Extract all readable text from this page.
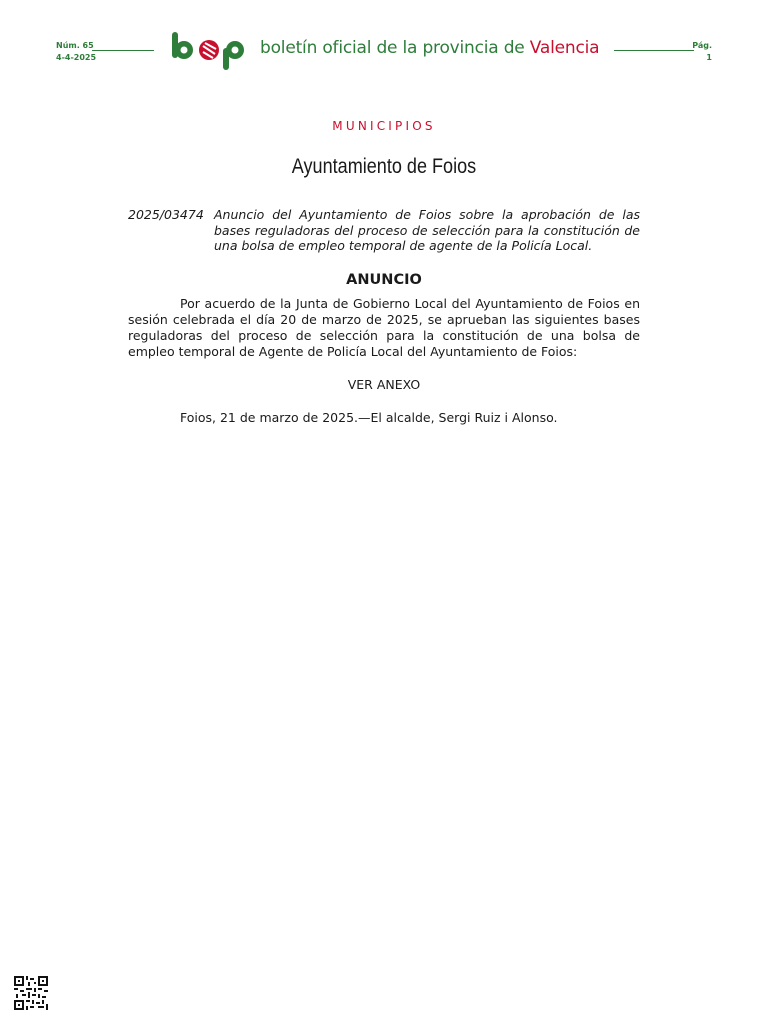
Núm. 65
4-4-2025	boletín oficial de la provincia de Valencia	Pág.
1
MUNICIPIOS
Ayuntamiento de Foios
2025/03474 Anuncio del Ayuntamiento de Foios sobre la aprobación de las bases reguladoras del proceso de selección para la constitución de una bolsa de empleo temporal de agente de la Policía Local.
ANUNCIO

Por acuerdo de la Junta de Gobierno Local del Ayuntamiento de Foios en sesión celebrada el día 20 de marzo de 2025, se aprueban las siguientes bases reguladoras del proceso de selección para la constitución de una bolsa de empleo temporal de Agente de Policía Local del Ayuntamiento de Foios:

VER ANEXO
Foios, 21 de marzo de 2025.—El alcalde, Sergi Ruiz i Alonso.
